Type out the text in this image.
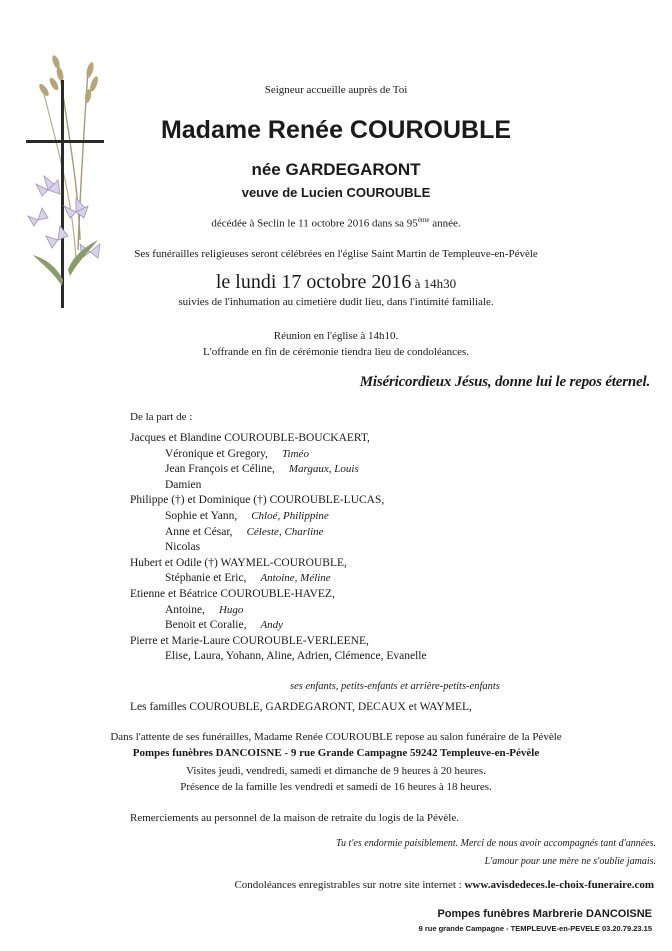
Seigneur accueille auprès de Toi
Madame Renée COUROUBLE
née GARDEGARONT
veuve de Lucien COUROUBLE
décédée à Seclin le 11 octobre 2016 dans sa 95ème année.
Ses funérailles religieuses seront célébrées en l'église Saint Martin de Templeuve-en-Pévèle
le lundi 17 octobre 2016 à 14h30
suivies de l'inhumation au cimetière dudit lieu, dans l'intimité familiale.
Réunion en l'église à 14h10.
L'offrande en fin de cérémonie tiendra lieu de condoléances.
Miséricordieux Jésus, donne lui le repos éternel.
De la part de :
Jacques et Blandine COUROUBLE-BOUCKAERT,
Véronique et Gregory, Timéo
Jean François et Céline, Margaux, Louis
Damien
Philippe (†) et Dominique (†) COUROUBLE-LUCAS,
Sophie et Yann, Chloé, Philippine
Anne et César, Céleste, Charline
Nicolas
Hubert et Odile (†) WAYMEL-COUROUBLE,
Stéphanie et Eric, Antoine, Méline
Etienne et Béatrice COUROUBLE-HAVEZ,
Antoine, Hugo
Benoit et Coralie, Andy
Pierre et Marie-Laure COUROUBLE-VERLEENE,
Elise, Laura, Yohann, Aline, Adrien, Clémence, Evanelle
ses enfants, petits-enfants et arrière-petits-enfants
Les familles COUROUBLE, GARDEGARONT, DECAUX et WAYMEL,
Dans l'attente de ses funérailles, Madame Renée COUROUBLE repose au salon funéraire de la Pévèle
Pompes funèbres DANCOISNE - 9 rue Grande Campagne 59242 Templeuve-en-Pévèle
Visites jeudi, vendredi, samedi et dimanche de 9 heures à 20 heures.
Présence de la famille les vendredi et samedi de 16 heures à 18 heures.
Remerciements au personnel de la maison de retraite du logis de la Pévèle.
Tu t'es endormie paisiblement. Merci de nous avoir accompagnés tant d'années.
L'amour pour une mère ne s'oublie jamais.
Condoléances enregistrables sur notre site internet : www.avisdedeces.le-choix-funeraire.com
Pompes funèbres Marbrerie DANCOISNE
9 rue grande Campagne - TEMPLEUVE-en-PEVELE 03.20.79.23.15
